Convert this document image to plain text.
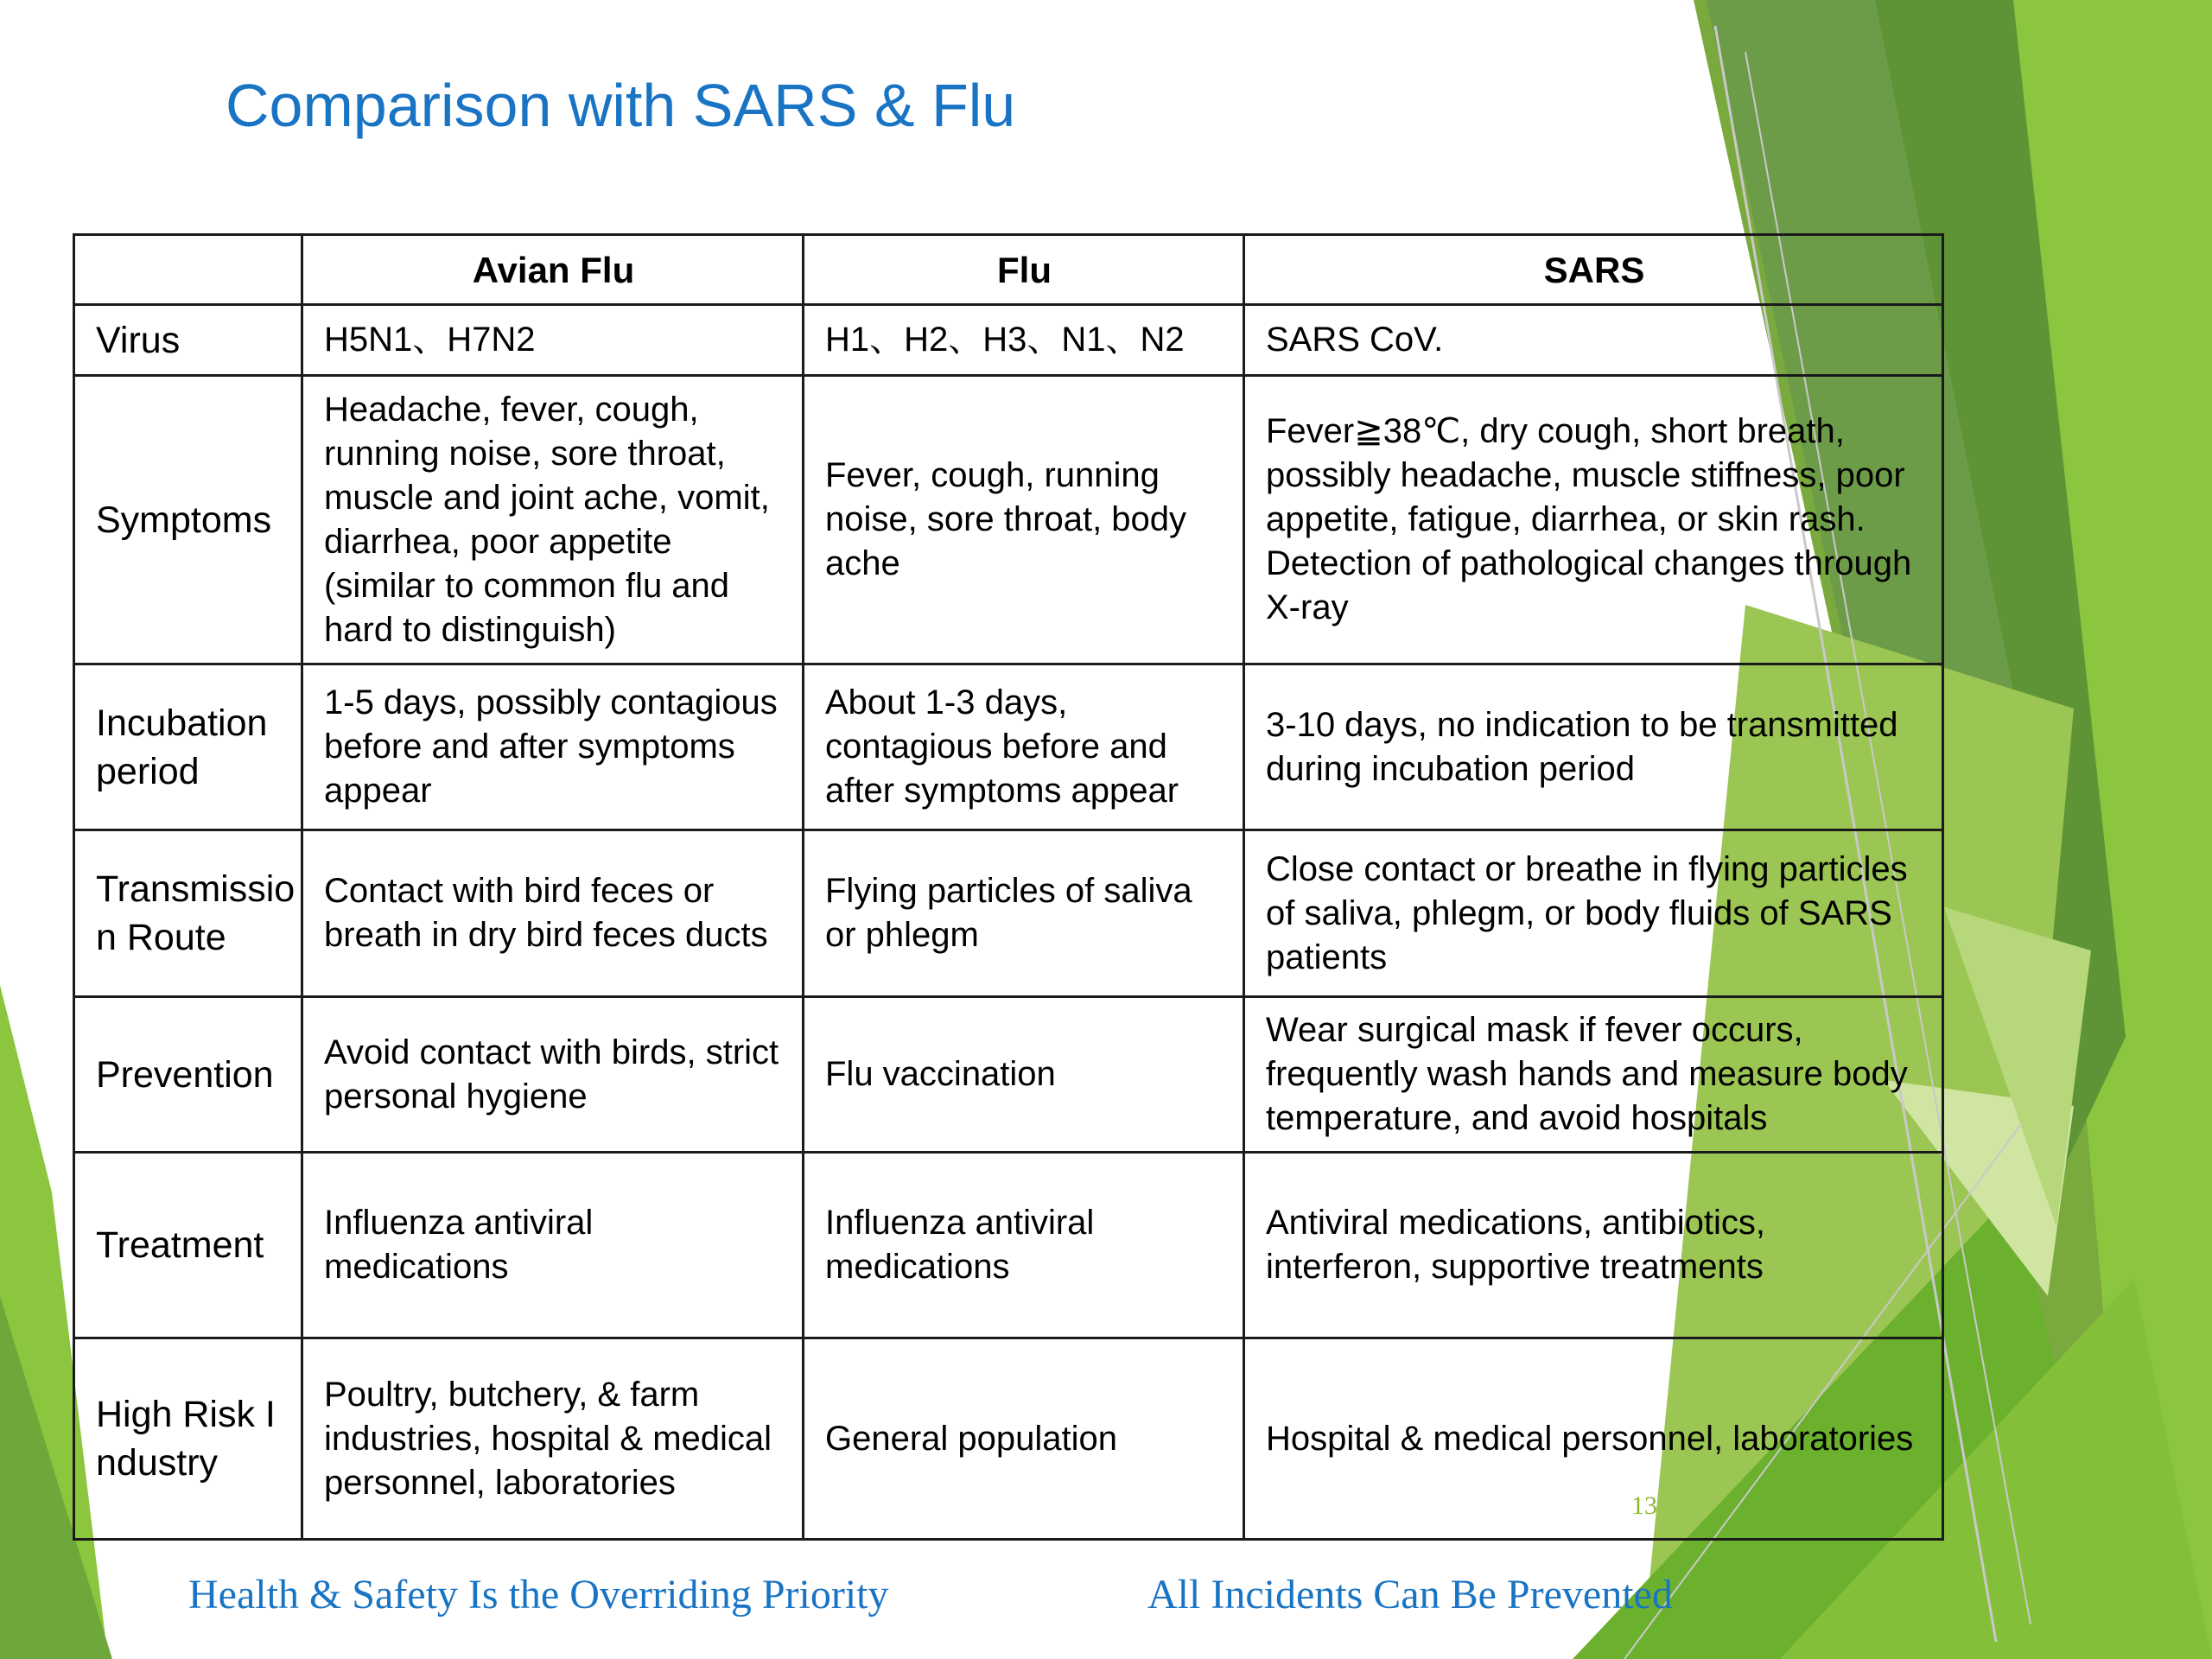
Comparison with SARS & Flu
	Avian Flu	Flu	SARS
Virus	H5N1、H7N2	H1、H2、H3、N1、N2	SARS CoV.
Symptoms	Headache, fever, cough, running noise, sore throat, muscle and joint ache, vomit, diarrhea, poor appetite (similar to common flu and hard to distinguish)	Fever, cough, running noise, sore throat, body ache	Fever≧38℃, dry cough, short breath, possibly headache, muscle stiffness, poor appetite, fatigue, diarrhea, or skin rash. Detection of pathological changes through X-ray
Incubation period	1-5 days, possibly contagious before and after symptoms appear	About 1-3 days, contagious before and after symptoms appear	3-10 days, no indication to be transmitted during incubation period
Transmission Route	Contact with bird feces or breath in dry bird feces ducts	Flying particles of saliva or phlegm	Close contact or breathe in flying particles of saliva, phlegm, or body fluids of SARS patients
Prevention	Avoid contact with birds, strict personal hygiene	Flu vaccination	Wear surgical mask if fever occurs, frequently wash hands and measure body temperature, and avoid hospitals
Treatment	Influenza antiviral medications	Influenza antiviral medications	Antiviral medications, antibiotics, interferon, supportive treatments
High Risk Industry	Poultry, butchery, & farm industries, hospital & medical personnel, laboratories	General population	Hospital & medical personnel, laboratories
13
Health & Safety Is the Overriding Priority	All Incidents Can Be Prevented
